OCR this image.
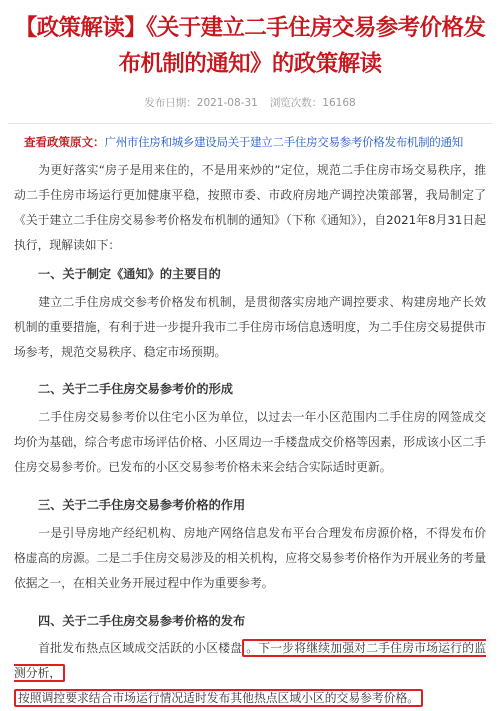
【政策解读】《关于建立二手住房交易参考价格发布机制的通知》的政策解读
发布日期：2021-08-31 浏览次数：16168

查看政策原文：广州市住房和城乡建设局关于建立二手住房交易参考价格发布机制的通知

为更好落实“房子是用来住的，不是用来炒的”定位，规范二手住房市场交易秩序，推动二手住房市场运行更加健康平稳，按照市委、市政府房地产调控决策部署，我局制定了《关于建立二手住房交易参考价格发布机制的通知》（下称《通知》），自2021年8月31日起执行，现解读如下：

一、关于制定《通知》的主要目的

建立二手住房成交参考价格发布机制，是贯彻落实房地产调控要求、构建房地产长效机制的重要措施，有利于进一步提升我市二手住房市场信息透明度，为二手住房交易提供市场参考，规范交易秩序、稳定市场预期。

二、关于二手住房交易参考价的形成

二手住房交易参考价以住宅小区为单位，以过去一年小区范围内二手住房的网签成交均价为基础，综合考虑市场评估价格、小区周边一手楼盘成交价格等因素，形成该小区二手住房交易参考价。已发布的小区交易参考价格未来会结合实际适时更新。

三、关于二手住房交易参考价格的作用

一是引导房地产经纪机构、房地产网络信息发布平台合理发布房源价格，不得发布价格虚高的房源。二是二手住房交易涉及的相关机构，应将交易参考价格作为开展业务的考量依据之一，在相关业务开展过程中作为重要参考。

四、关于二手住房交易参考价格的发布

首批发布热点区域成交活跃的小区楼盘 。下一步将继续加强对二手住房市场运行的监测分析，
按照调控要求结合市场运行情况适时发布其他热点区域小区的交易参考价格。
